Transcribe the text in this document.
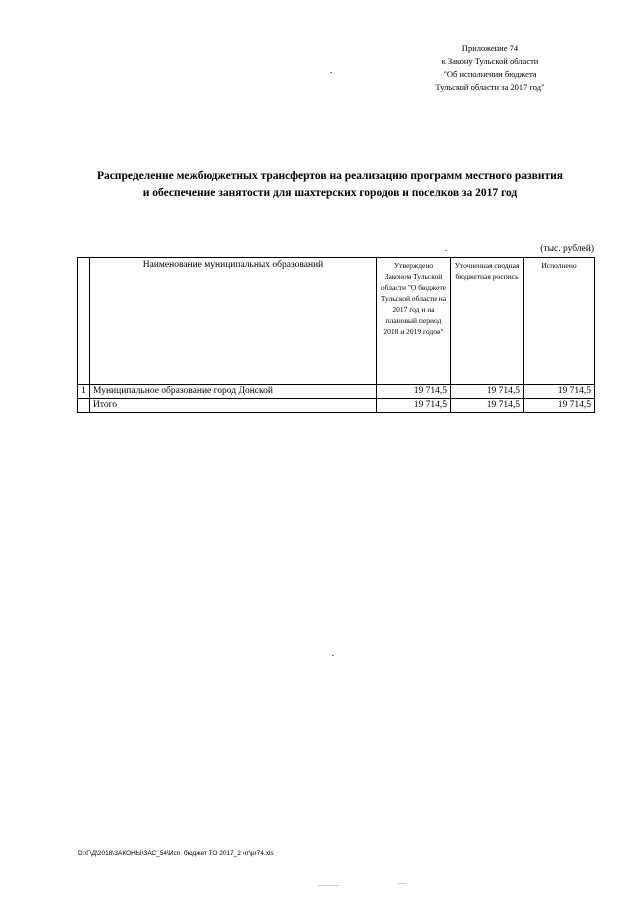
Приложение 74
к Закону Тульской области
"Об исполнении бюджета
Тульской области за 2017 год"
Распределение межбюджетных трансфертов на реализацию программ местного развития
и обеспечение занятости для шахтерских городов и поселков за 2017 год
(тыс. рублей)
	Наименование муниципальных образований	Утверждено Законом Тульской области "О бюджете Тульской области на 2017 год и на плановый период 2018 и 2019 годов"	Уточненная сводная бюджетная роспись	Исполнено
1	Муниципальное образование город Донской	19 714,5	19 714,5	19 714,5
	Итого	19 714,5	19 714,5	19 714,5
D:\Г\Д\2018\ЗАКОНЫ\ЗАС_54\Исп. бюджет ТО 2017_2 чт\pr74.xls
